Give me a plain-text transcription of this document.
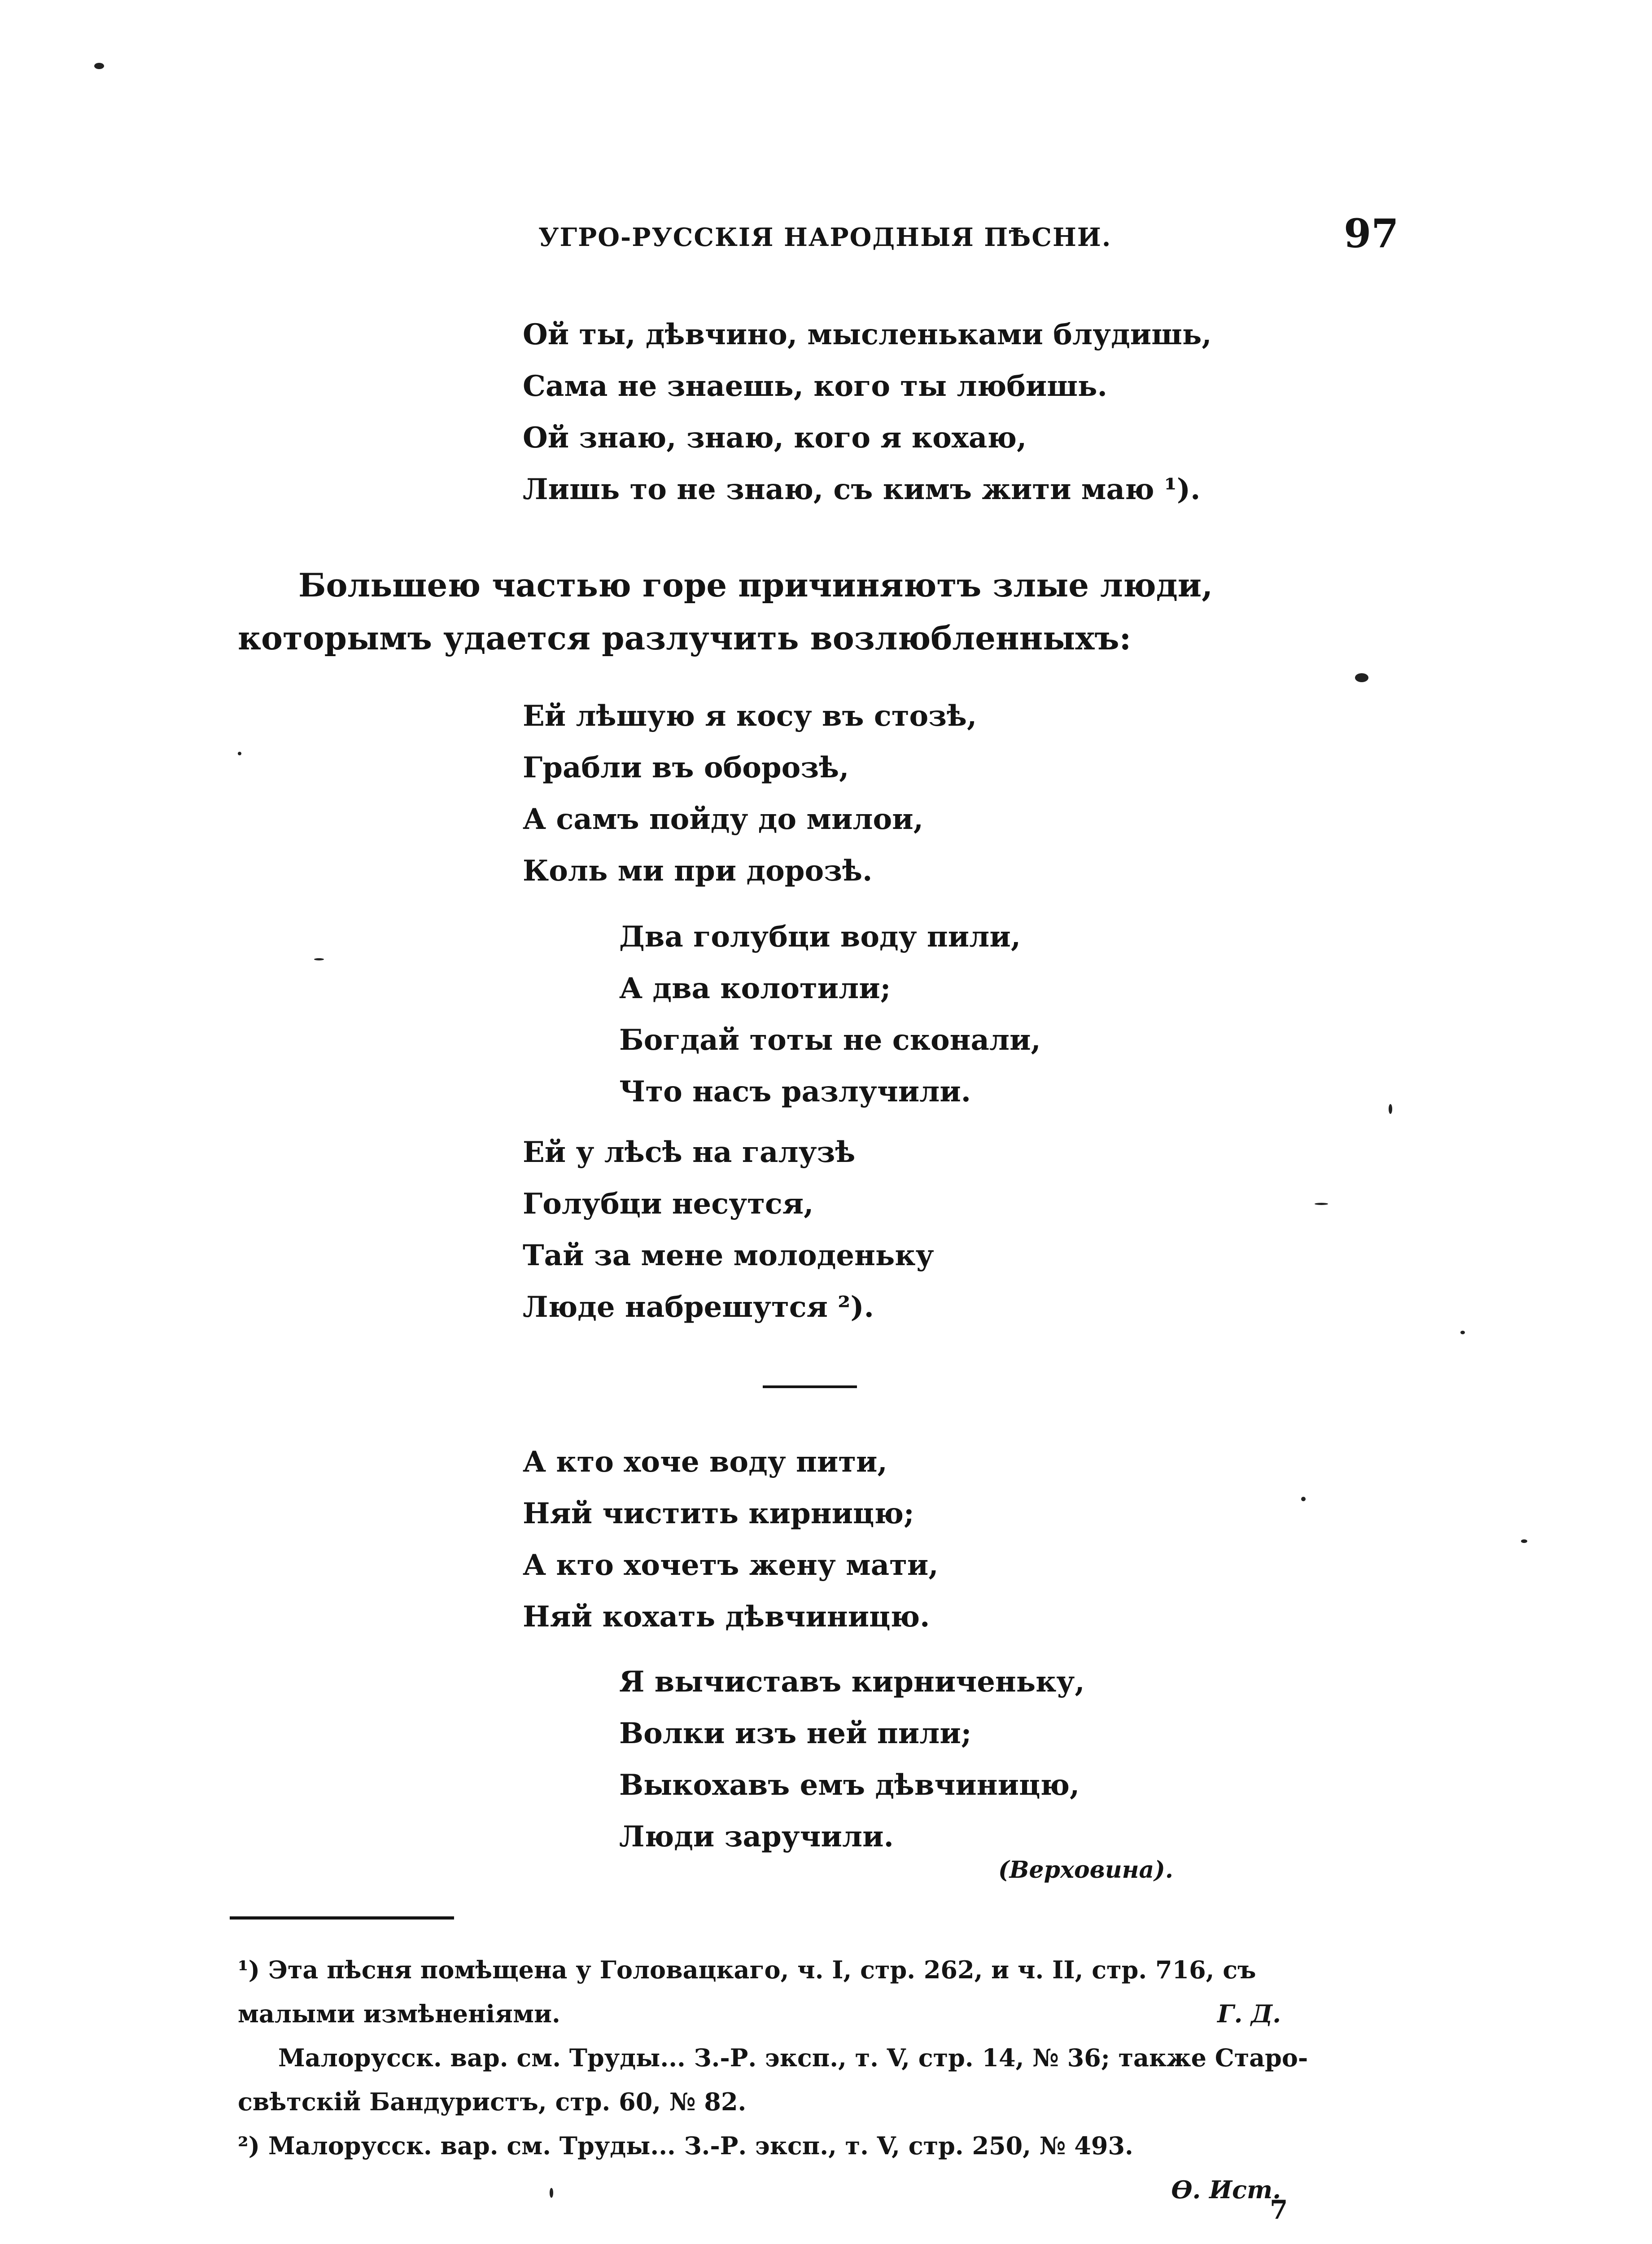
УГРО-РУССКІЯ НАРОДНЫЯ ПѢСНИ.	97
Ой ты, дѣвчино, мысленьками блудишь,
Сама не знаешь, кого ты любишь.
Ой знаю, знаю, кого я кохаю,
Лишь то не знаю, съ кимъ жити маю ¹).

Большею частью горе причиняютъ злые люди, которымъ удается разлучить возлюбленныхъ:

Ей лѣшую я косу въ стозѣ,
Грабли въ оборозѣ,
А самъ пойду до милои,
Коль ми при дорозѣ.
Два голубци воду пили,
А два колотили;
Богдай тоты не сконали,
Что насъ разлучили.
Ей у лѣсѣ на галузѣ
Голубци несутся,
Тай за мене молоденьку
Люде набрешутся ²).
А кто хоче воду пити,
Няй чистить кирницю;
А кто хочетъ жену мати,
Няй кохать дѣвчиницю.
Я вычиставъ кирниченьку,
Волки изъ ней пили;
Выкохавъ емъ дѣвчиницю,
Люди заручили.
(Верховина).
¹) Эта пѣсня помѣщена у Головацкаго, ч. I, стр. 262, и ч. II, стр. 716, съ
малыми измѣненіями.	Г. Д.
Малорусск. вар. см. Труды... З.-Р. эксп., т. V, стр. 14, № 36; также Старо-
свѣтскій Бандуристъ, стр. 60, № 82.
²) Малорусск. вар. см. Труды... З.-Р. эксп., т. V, стр. 250, № 493.
Ѳ. Ист.
7
